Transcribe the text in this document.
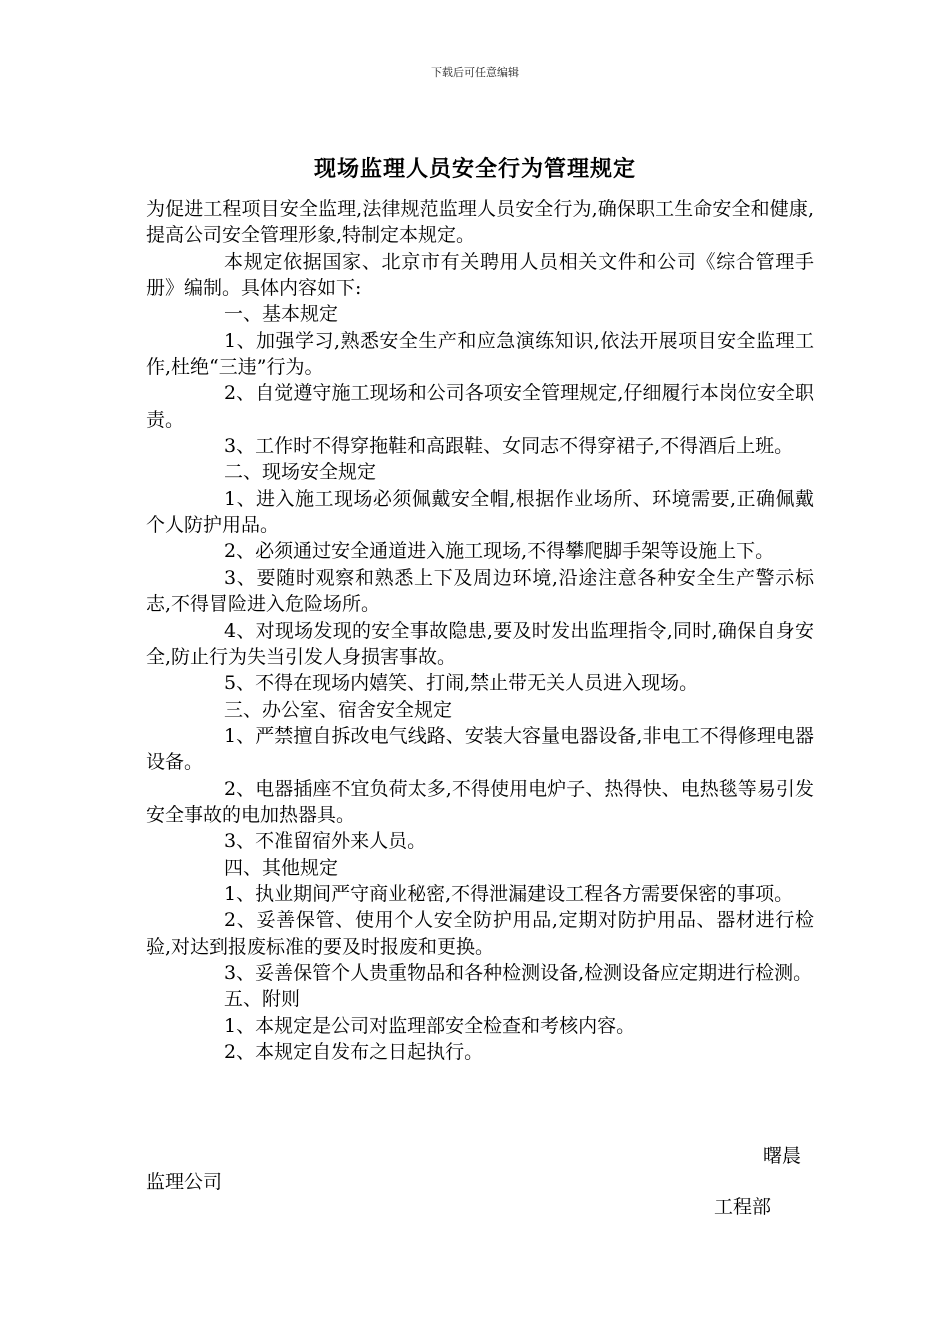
下载后可任意编辑
现场监理人员安全行为管理规定

为促进工程项目安全监理,法律规范监理人员安全行为,确保职工生命安全和健康,提高公司安全管理形象,特制定本规定。

本规定依据国家、北京市有关聘用人员相关文件和公司《综合管理手册》编制。具体内容如下:

一、基本规定

1、加强学习,熟悉安全生产和应急演练知识,依法开展项目安全监理工作,杜绝“三违”行为。

2、自觉遵守施工现场和公司各项安全管理规定,仔细履行本岗位安全职责。

3、工作时不得穿拖鞋和高跟鞋、女同志不得穿裙子,不得酒后上班。

二、现场安全规定

1、进入施工现场必须佩戴安全帽,根据作业场所、环境需要,正确佩戴个人防护用品。

2、必须通过安全通道进入施工现场,不得攀爬脚手架等设施上下。

3、要随时观察和熟悉上下及周边环境,沿途注意各种安全生产警示标志,不得冒险进入危险场所。

4、对现场发现的安全事故隐患,要及时发出监理指令,同时,确保自身安全,防止行为失当引发人身损害事故。

5、不得在现场内嬉笑、打闹,禁止带无关人员进入现场。

三、办公室、宿舍安全规定

1、严禁擅自拆改电气线路、安装大容量电器设备,非电工不得修理电器设备。

2、电器插座不宜负荷太多,不得使用电炉子、热得快、电热毯等易引发安全事故的电加热器具。

3、不准留宿外来人员。

四、其他规定

1、执业期间严守商业秘密,不得泄漏建设工程各方需要保密的事项。

2、妥善保管、使用个人安全防护用品,定期对防护用品、器材进行检验,对达到报废标准的要及时报废和更换。

3、妥善保管个人贵重物品和各种检测设备,检测设备应定期进行检测。

五、附则

1、本规定是公司对监理部安全检查和考核内容。

2、本规定自发布之日起执行。

曙晨
监理公司
工程部
